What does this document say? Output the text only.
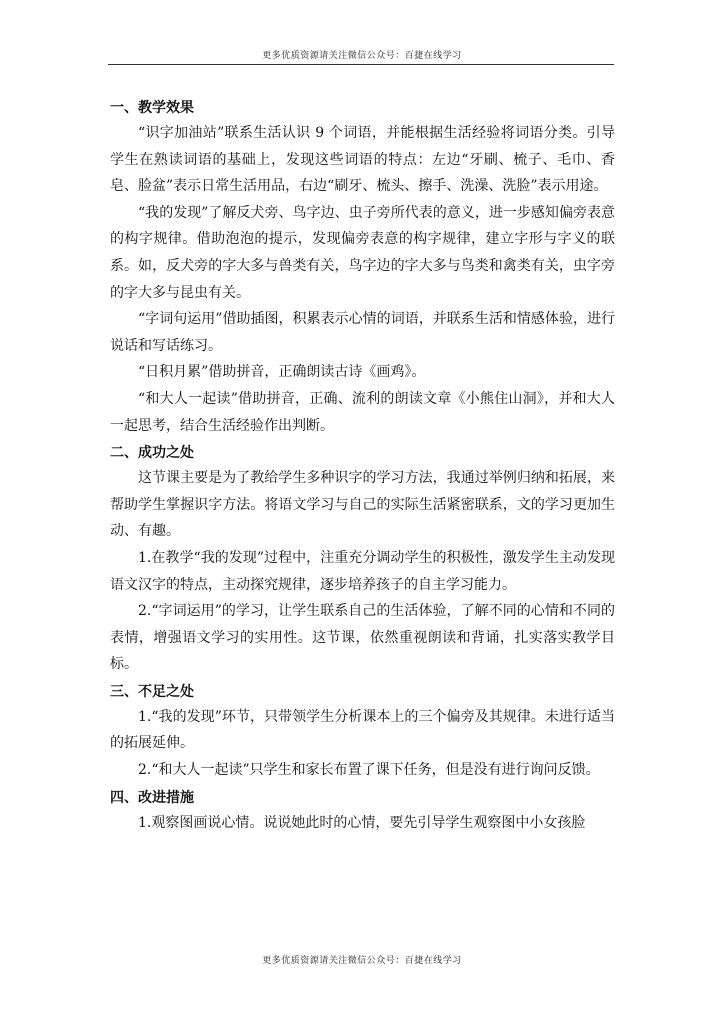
更多优质资源请关注微信公众号：百捷在线学习
一、教学效果

“识字加油站”联系生活认识 9 个词语，并能根据生活经验将词语分类。引导学生在熟读词语的基础上，发现这些词语的特点：左边“牙刷、梳子、毛巾、香皂、脸盆”表示日常生活用品，右边“刷牙、梳头、擦手、洗澡、洗脸”表示用途。

“我的发现”了解反犬旁、鸟字边、虫子旁所代表的意义，进一步感知偏旁表意的构字规律。借助泡泡的提示，发现偏旁表意的构字规律，建立字形与字义的联系。如，反犬旁的字大多与兽类有关，鸟字边的字大多与鸟类和禽类有关，虫字旁的字大多与昆虫有关。

“字词句运用”借助插图，积累表示心情的词语，并联系生活和情感体验，进行说话和写话练习。

“日积月累”借助拼音，正确朗读古诗《画鸡》。

“和大人一起读”借助拼音，正确、流利的朗读文章《小熊住山洞》，并和大人一起思考，结合生活经验作出判断。

二、成功之处

这节课主要是为了教给学生多种识字的学习方法，我通过举例归纳和拓展，来帮助学生掌握识字方法。将语文学习与自己的实际生活紧密联系，文的学习更加生动、有趣。

1.在教学“我的发现”过程中，注重充分调动学生的积极性，激发学生主动发现语文汉字的特点，主动探究规律，逐步培养孩子的自主学习能力。

2.“字词运用”的学习，让学生联系自己的生活体验，了解不同的心情和不同的表情，增强语文学习的实用性。这节课，依然重视朗读和背诵，扎实落实教学目标。

三、不足之处

1.“我的发现”环节，只带领学生分析课本上的三个偏旁及其规律。未进行适当的拓展延伸。

2.“和大人一起读”只学生和家长布置了课下任务，但是没有进行询问反馈。

四、改进措施

1.观察图画说心情。说说她此时的心情，要先引导学生观察图中小女孩脸

更多优质资源请关注微信公众号：百捷在线学习
